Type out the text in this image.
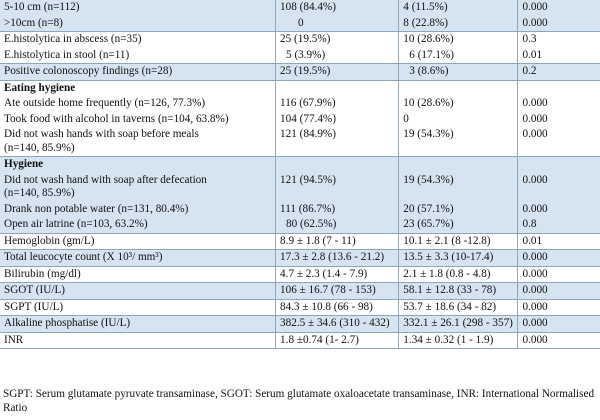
5-10 cm (n=112)	108 (84.4%)	4 (11.5%)	0.000
>10cm (n=8)	0	8 (22.8%)	0.000
E.histolytica in abscess (n=35)	25 (19.5%)	10 (28.6%)	0.3
E.histolytica in stool (n=11)	5 (3.9%)	6 (17.1%)	0.01
Positive colonoscopy findings (n=28)	25 (19.5%)	3 (8.6%)	0.2
Eating hygiene			
Ate outside home frequently (n=126, 77.3%)	116 (67.9%)	10 (28.6%)	0.000
Took food with alcohol in taverns (n=104, 63.8%)	104 (77.4%)	0	0.000

Did not wash hands with soap before meals
(n=140, 85.9%)	121 (84.9%)	19 (54.3%)	0.000
Hygiene			

Did not wash hand with soap after defecation
(n=140, 85.9%)	121 (94.5%)	19 (54.3%)	0.000
Drank non potable water (n=131, 80.4%)	111 (86.7%)	20 (57.1%)	0.000
Open air latrine (n=103, 63.2%)	80 (62.5%)	23 (65.7%)	0.8
Hemoglobin (gm/L)	8.9 ± 1.8 (7 - 11)	10.1 ± 2.1 (8 -12.8)	0.01
Total leucocyte count (X 10³/ mm³)	17.3 ± 2.8 (13.6 - 21.2)	13.5 ± 3.3 (10-17.4)	0.000
Bilirubin (mg/dl)	4.7 ± 2.3 (1.4 - 7.9)	2.1 ± 1.8 (0.8 - 4.8)	0.000
SGOT (IU/L)	106 ± 16.7 (78 - 153)	58.1 ± 12.8 (33 - 78)	0.000
SGPT (IU/L)	84.3 ± 10.8 (66 - 98)	53.7 ± 18.6 (34 - 82)	0.000
Alkaline phosphatise (IU/L)	382.5 ± 34.6 (310 - 432)	332.1 ± 26.1 (298 - 357)	0.000
INR	1.8 ±0.74 (1- 2.7)	1.34 ± 0.32 (1 - 1.9)	0.000
SGPT: Serum glutamate pyruvate transaminase, SGOT: Serum glutamate oxaloacetate transaminase, INR: International Normalised Ratio
